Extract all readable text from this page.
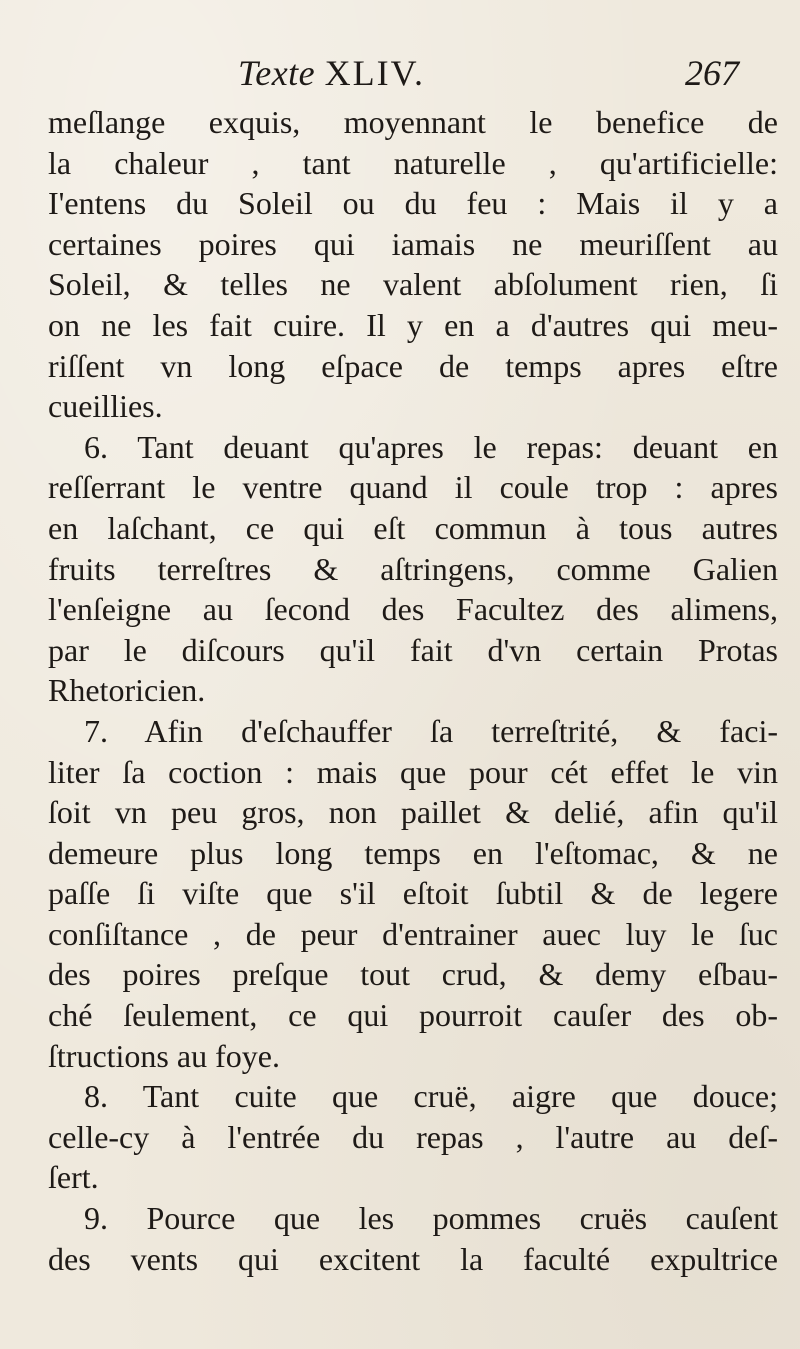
Texte XLIV.	267
meſlange exquis, moyennant le benefice de
la chaleur , tant naturelle , qu'artificielle:
I'entens du Soleil ou du feu : Mais il y a
certaines poires qui iamais ne meuriſſent au
Soleil, & telles ne valent abſolument rien, ſi
on ne les fait cuire. Il y en a d'autres qui meu-
riſſent vn long eſpace de temps apres eſtre
cueillies.
6. Tant deuant qu'apres le repas: deuant en
reſſerrant le ventre quand il coule trop : apres
en laſchant, ce qui eſt commun à tous autres
fruits terreſtres & aſtringens, comme Galien
l'enſeigne au ſecond des Facultez des alimens,
par le diſcours qu'il fait d'vn certain Protas
Rhetoricien.
7. Afin d'eſchauffer ſa terreſtrité, & faci-
liter ſa coction : mais que pour cét effet le vin
ſoit vn peu gros, non paillet & delié, afin qu'il
demeure plus long temps en l'eſtomac, & ne
paſſe ſi viſte que s'il eſtoit ſubtil & de legere
conſiſtance , de peur d'entrainer auec luy le ſuc
des poires preſque tout crud, & demy eſbau-
ché ſeulement, ce qui pourroit cauſer des ob-
ſtructions au foye.
8. Tant cuite que cruë, aigre que douce;
celle-cy à l'entrée du repas , l'autre au deſ-
ſert.
9. Pource que les pommes cruës cauſent
des vents qui excitent la faculté expultrice
